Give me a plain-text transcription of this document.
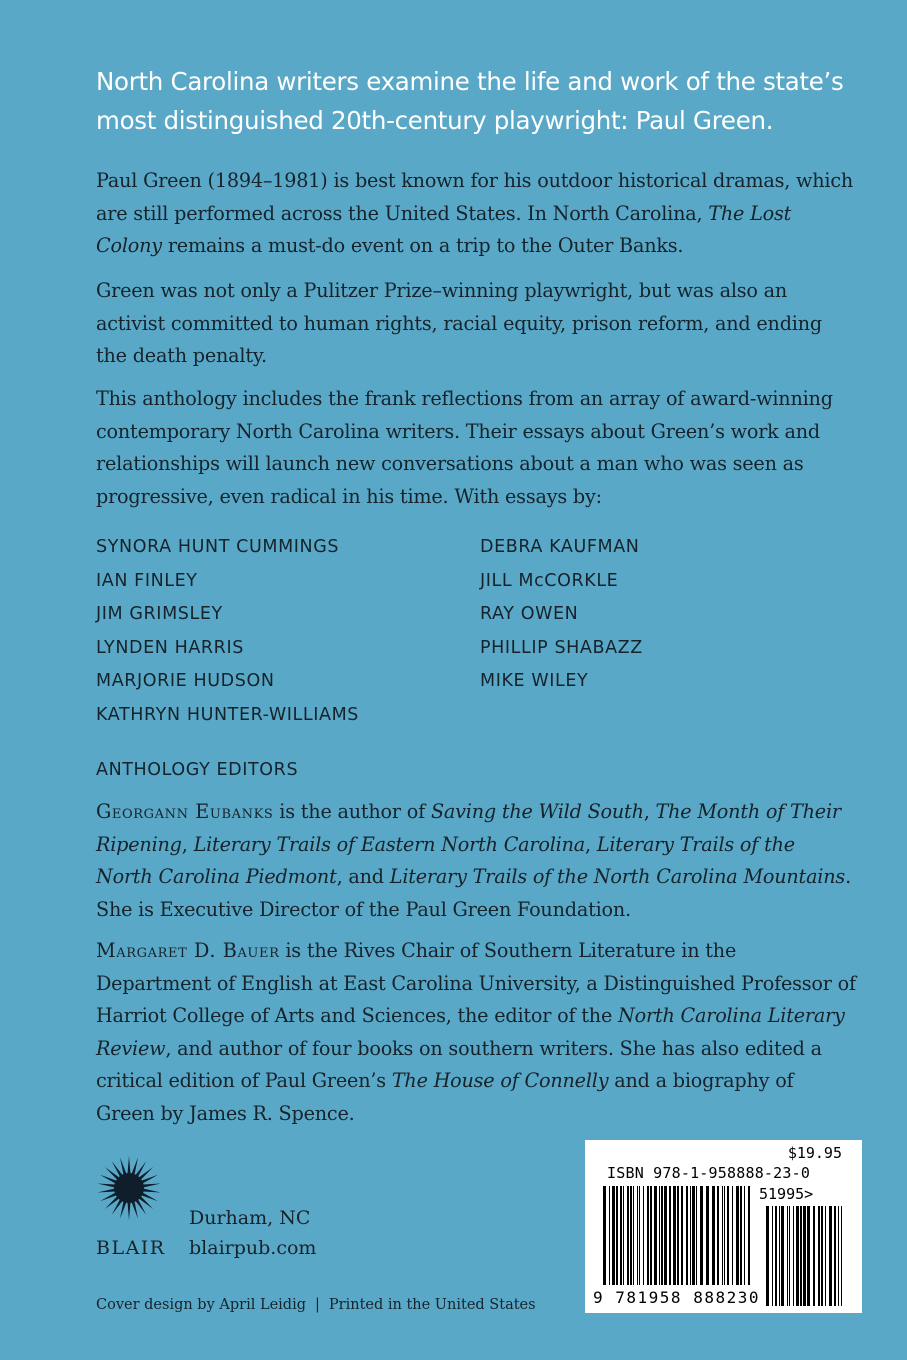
North Carolina writers examine the life and work of the state’s
most distinguished 20th-century playwright: Paul Green.

Paul Green (1894–1981) is best known for his outdoor historical dramas, which are still performed across the United States. In North Carolina, The Lost Colony remains a must-do event on a trip to the Outer Banks.

Green was not only a Pulitzer Prize–winning playwright, but was also an activist committed to human rights, racial equity, prison reform, and ending the death penalty.

This anthology includes the frank reflections from an array of award-winning contemporary North Carolina writers. Their essays about Green’s work and relationships will launch new conversations about a man who was seen as progressive, even radical in his time. With essays by:

SYNORA HUNT CUMMINGS
IAN FINLEY
JIM GRIMSLEY
LYNDEN HARRIS
MARJORIE HUDSON
KATHRYN HUNTER-WILLIAMS
DEBRA KAUFMAN
JILL McCORKLE
RAY OWEN
PHILLIP SHABAZZ
MIKE WILEY
ANTHOLOGY EDITORS

Georgann Eubanks is the author of Saving the Wild South, The Month of Their Ripening, Literary Trails of Eastern North Carolina, Literary Trails of the North Carolina Piedmont, and Literary Trails of the North Carolina Mountains. She is Executive Director of the Paul Green Foundation.

Margaret D. Bauer is the Rives Chair of Southern Literature in the Department of English at East Carolina University, a Distinguished Professor of Harriot College of Arts and Sciences, the editor of the North Carolina Literary Review, and author of four books on southern writers. She has also edited a critical edition of Paul Green’s The House of Connelly and a biography of Green by James R. Spence.

BLAIR
Durham, NC
blairpub.com
Cover design by April Leidig | Printed in the United States
$19.95
ISBN 978-1-958888-23-0
51995>
9 781958 888230
